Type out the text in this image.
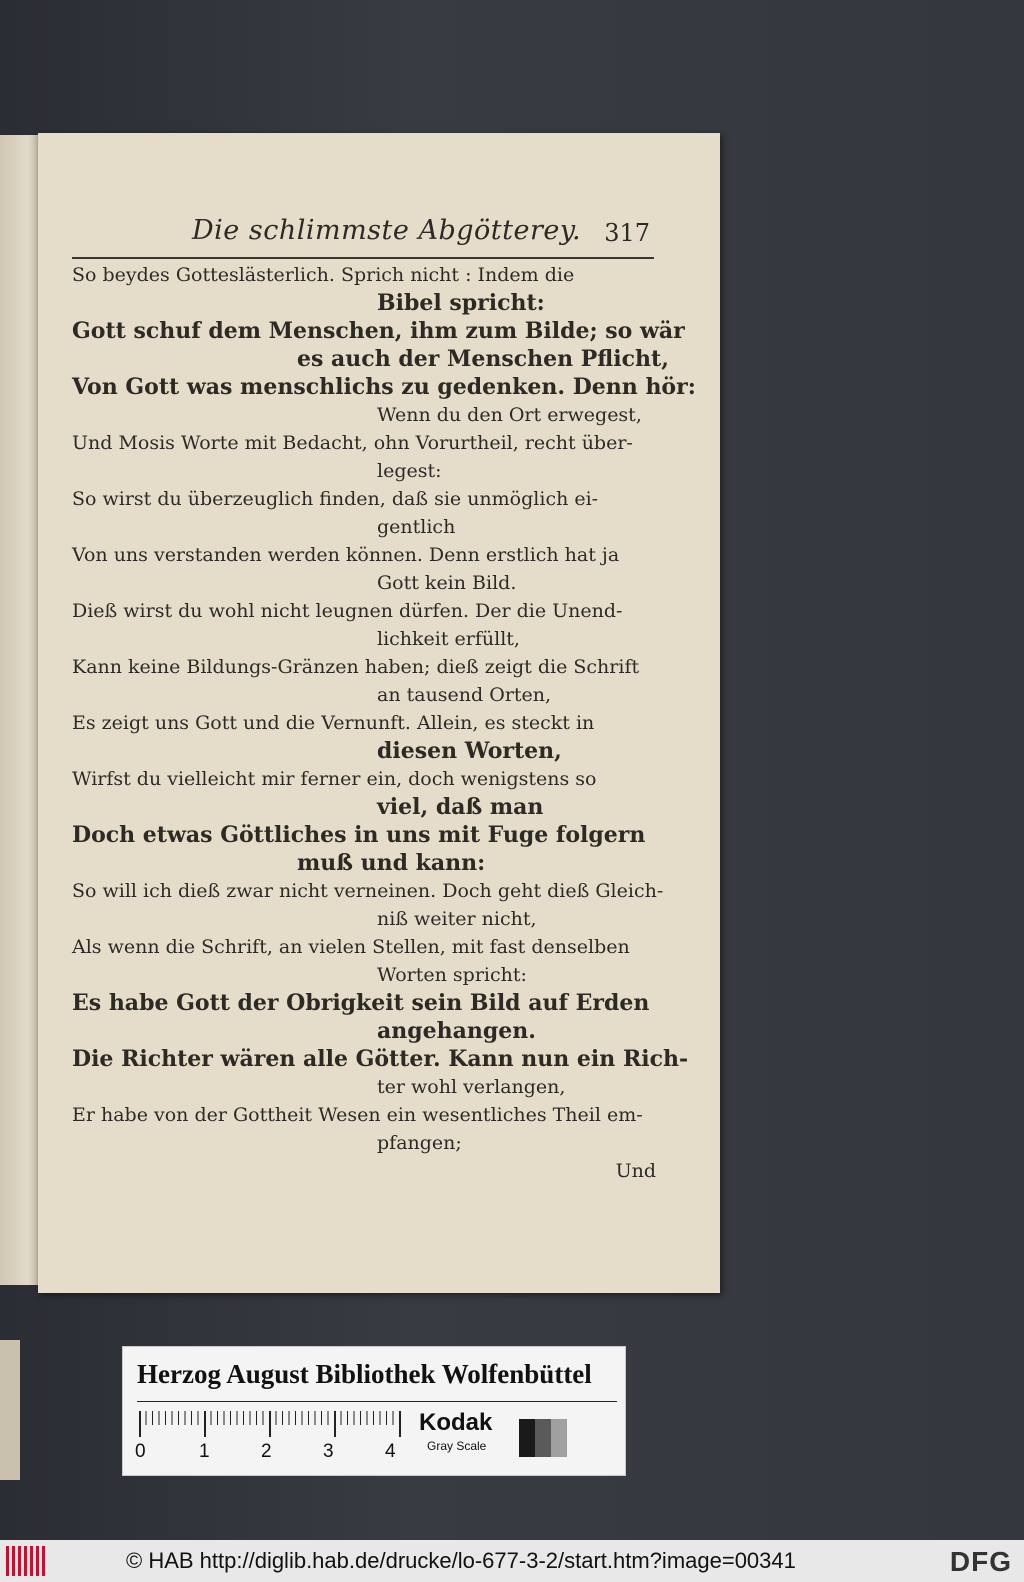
Die schlimmste Abgötterey. 317
So beydes Gotteslästerlich. Sprich nicht : Indem die
Bibel spricht:
Gott schuf dem Menschen, ihm zum Bilde; so wär
es auch der Menschen Pflicht,
Von Gott was menschlichs zu gedenken. Denn hör:
Wenn du den Ort erwegest,
Und Mosis Worte mit Bedacht, ohn Vorurtheil, recht über-
legest:
So wirst du überzeuglich finden, daß sie unmöglich ei-
gentlich
Von uns verstanden werden können. Denn erstlich hat ja
Gott kein Bild.
Dieß wirst du wohl nicht leugnen dürfen. Der die Unend-
lichkeit erfüllt,
Kann keine Bildungs-Gränzen haben; dieß zeigt die Schrift
an tausend Orten,
Es zeigt uns Gott und die Vernunft. Allein, es steckt in
diesen Worten,
Wirfst du vielleicht mir ferner ein, doch wenigstens so
viel, daß man
Doch etwas Göttliches in uns mit Fuge folgern
muß und kann:
So will ich dieß zwar nicht verneinen. Doch geht dieß Gleich-
niß weiter nicht,
Als wenn die Schrift, an vielen Stellen, mit fast denselben
Worten spricht:
Es habe Gott der Obrigkeit sein Bild auf Erden
angehangen.
Die Richter wären alle Götter. Kann nun ein Rich-
ter wohl verlangen,
Er habe von der Gottheit Wesen ein wesentliches Theil em-
pfangen;
Und
Herzog August Bibliothek Wolfenbüttel
0	1	2	3	4
Kodak
Gray Scale
© HAB http://diglib.hab.de/drucke/lo-677-3-2/start.htm?image=00341	DFG
